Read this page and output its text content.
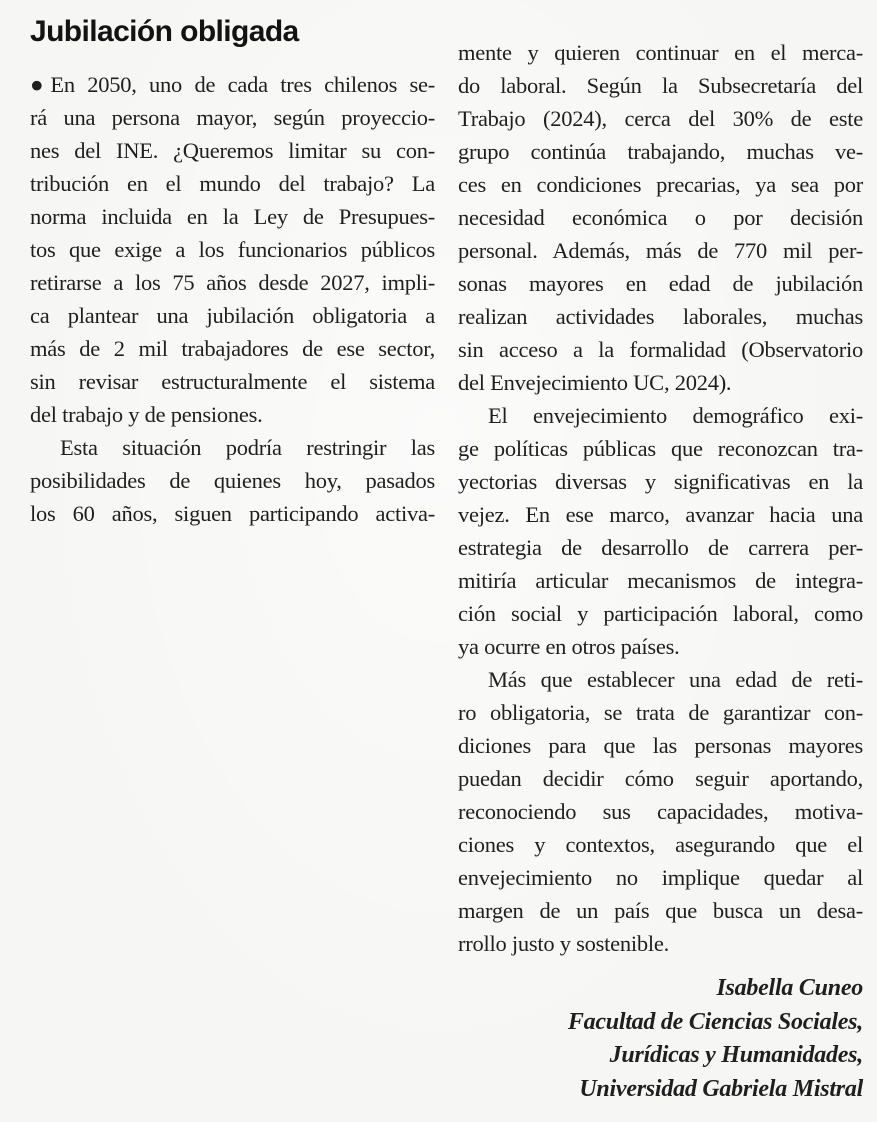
Jubilación obligada
●En 2050, uno de cada tres chilenos se-
rá una persona mayor, según proyeccio-
nes del INE. ¿Queremos limitar su con-
tribución en el mundo del trabajo? La
norma incluida en la Ley de Presupues-
tos que exige a los funcionarios públicos
retirarse a los 75 años desde 2027, impli-
ca plantear una jubilación obligatoria a
más de 2 mil trabajadores de ese sector,
sin revisar estructuralmente el sistema
del trabajo y de pensiones.
Esta situación podría restringir las
posibilidades de quienes hoy, pasados
los 60 años, siguen participando activa-
mente y quieren continuar en el merca-
do laboral. Según la Subsecretaría del
Trabajo (2024), cerca del 30% de este
grupo continúa trabajando, muchas ve-
ces en condiciones precarias, ya sea por
necesidad económica o por decisión
personal. Además, más de 770 mil per-
sonas mayores en edad de jubilación
realizan actividades laborales, muchas
sin acceso a la formalidad (Observatorio
del Envejecimiento UC, 2024).
El envejecimiento demográfico exi-
ge políticas públicas que reconozcan tra-
yectorias diversas y significativas en la
vejez. En ese marco, avanzar hacia una
estrategia de desarrollo de carrera per-
mitiría articular mecanismos de integra-
ción social y participación laboral, como
ya ocurre en otros países.
Más que establecer una edad de reti-
ro obligatoria, se trata de garantizar con-
diciones para que las personas mayores
puedan decidir cómo seguir aportando,
reconociendo sus capacidades, motiva-
ciones y contextos, asegurando que el
envejecimiento no implique quedar al
margen de un país que busca un desa-
rrollo justo y sostenible.
Isabella Cuneo
Facultad de Ciencias Sociales,
Jurídicas y Humanidades,
Universidad Gabriela Mistral
